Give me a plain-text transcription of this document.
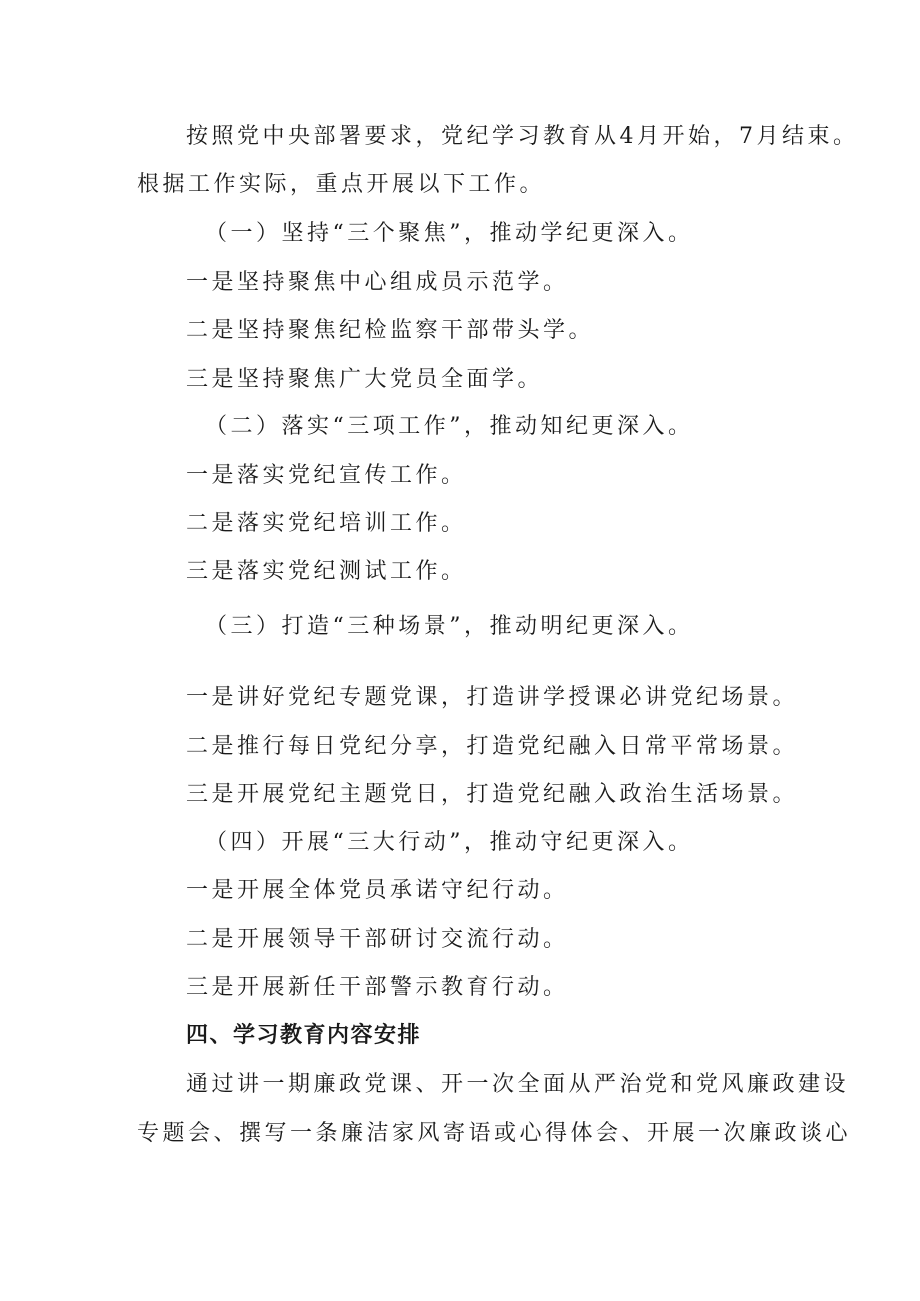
按照党中央部署要求，党纪学习教育从4月开始，7月结束。
根据工作实际，重点开展以下工作。
（一）坚持“三个聚焦”，推动学纪更深入。
一是坚持聚焦中心组成员示范学。
二是坚持聚焦纪检监察干部带头学。
三是坚持聚焦广大党员全面学。
（二）落实“三项工作”，推动知纪更深入。
一是落实党纪宣传工作。
二是落实党纪培训工作。
三是落实党纪测试工作。
（三）打造“三种场景”，推动明纪更深入。
一是讲好党纪专题党课，打造讲学授课必讲党纪场景。
二是推行每日党纪分享，打造党纪融入日常平常场景。
三是开展党纪主题党日，打造党纪融入政治生活场景。
（四）开展“三大行动”，推动守纪更深入。
一是开展全体党员承诺守纪行动。
二是开展领导干部研讨交流行动。
三是开展新任干部警示教育行动。
四、学习教育内容安排
通过讲一期廉政党课、开一次全面从严治党和党风廉政建设
专题会、撰写一条廉洁家风寄语或心得体会、开展一次廉政谈心
